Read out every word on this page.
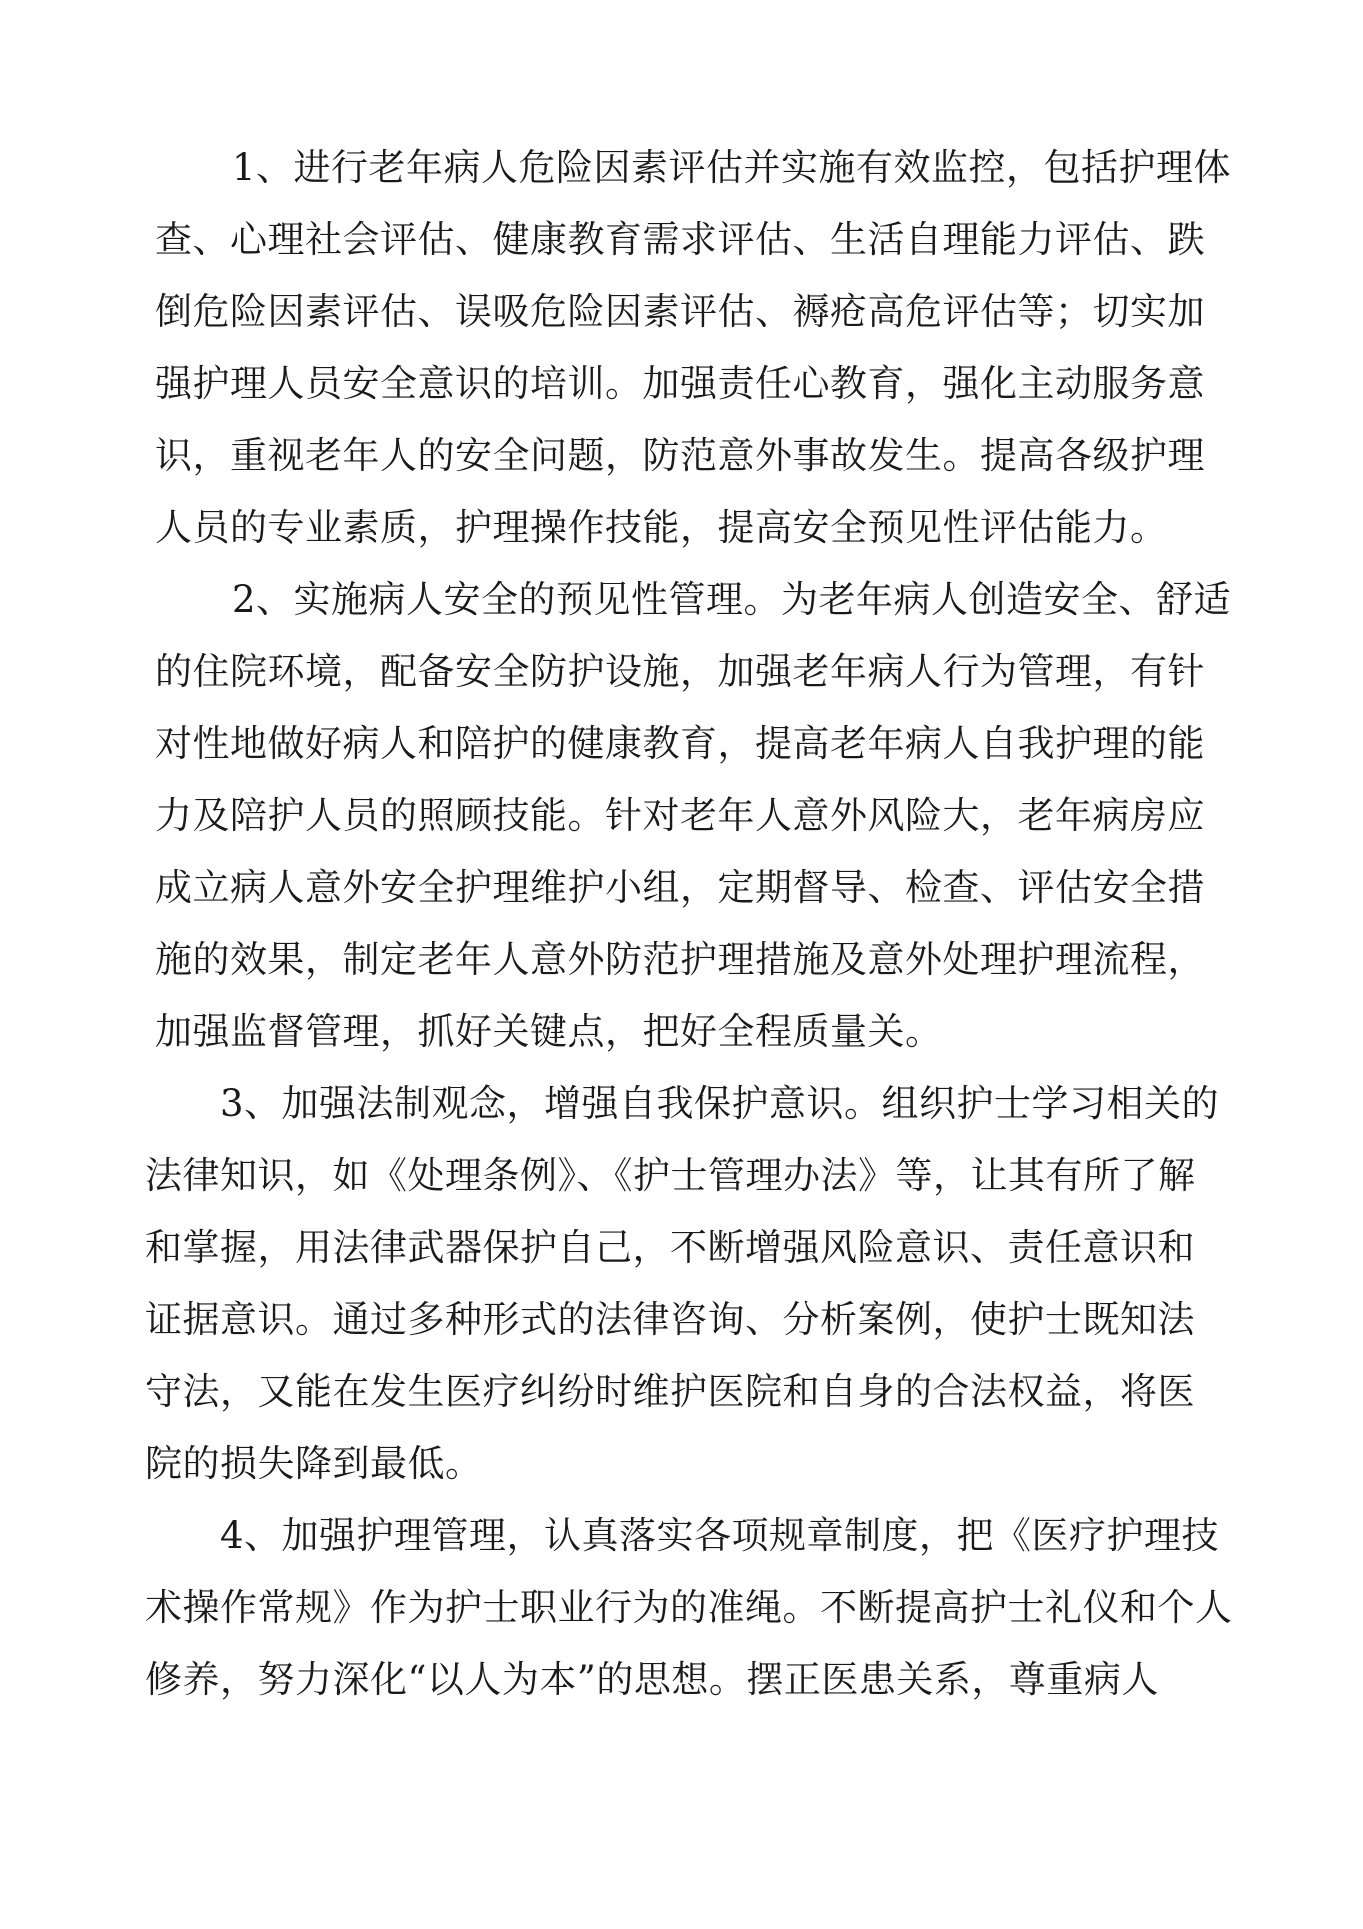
1、进行老年病人危险因素评估并实施有效监控，包括护理体
查、心理社会评估、健康教育需求评估、生活自理能力评估、跌
倒危险因素评估、误吸危险因素评估、褥疮高危评估等；切实加
强护理人员安全意识的培训。加强责任心教育，强化主动服务意
识，重视老年人的安全问题，防范意外事故发生。提高各级护理
人员的专业素质，护理操作技能，提高安全预见性评估能力。
2、实施病人安全的预见性管理。为老年病人创造安全、舒适
的住院环境，配备安全防护设施，加强老年病人行为管理，有针
对性地做好病人和陪护的健康教育，提高老年病人自我护理的能
力及陪护人员的照顾技能。针对老年人意外风险大，老年病房应
成立病人意外安全护理维护小组，定期督导、检查、评估安全措
施的效果，制定老年人意外防范护理措施及意外处理护理流程，
加强监督管理，抓好关键点，把好全程质量关。
3、加强法制观念，增强自我保护意识。组织护士学习相关的
法律知识，如《处理条例》、《护士管理办法》等，让其有所了解
和掌握，用法律武器保护自己，不断增强风险意识、责任意识和
证据意识。通过多种形式的法律咨询、分析案例，使护士既知法
守法，又能在发生医疗纠纷时维护医院和自身的合法权益，将医
院的损失降到最低。
4、加强护理管理，认真落实各项规章制度，把《医疗护理技
术操作常规》作为护士职业行为的准绳。不断提高护士礼仪和个人
修养，努力深化“以人为本”的思想。摆正医患关系，尊重病人
